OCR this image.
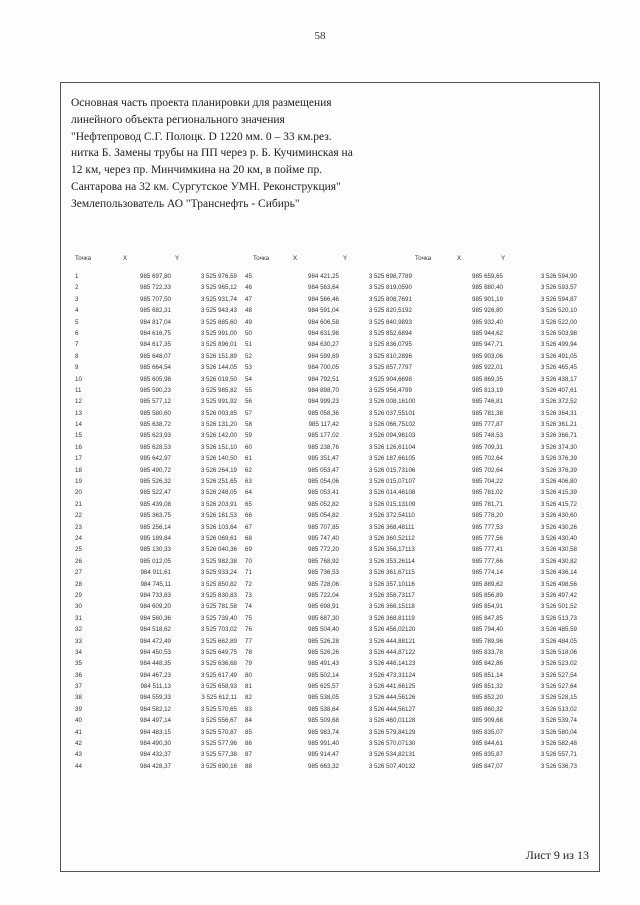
58
Основная часть проекта планировки для размещения
линейного объекта регионального значения
"Нефтепровод С.Г. Полоцк. D 1220 мм. 0 – 33 км.рез.
нитка Б. Замены трубы на ПП через р. Б. Кучиминская на
12 км, через пр. Минчимкина на 20 км, в пойме пр.
Сантарова на 32 км. Сургутское УМН. Реконструкция"
Землепользователь АО "Транснефть - Сибирь"
Точка	X	Y	Точка	X	Y	Точка	X	Y
1	985 697,80	3 525 976,59 45	984 421,25	3 525 698,77 89	985 659,65	3 526 594,90
2	985 722,33	3 525 965,12 46	984 563,64	3 525 819,05 90	985 880,40	3 526 593,57
3	985 707,50	3 525 931,74 47	984 566,46	3 525 808,76 91	985 901,19	3 526 594,87
4	985 682,31	3 525 943,43 48	984 591,04	3 525 820,51 92	985 926,80	3 526 520,10
5	984 817,04	3 525 885,60 49	984 606,58	3 525 840,98 93	985 932,40	3 526 522,00
6	984 616,75	3 525 991,00 50	984 631,98	3 525 852,68 94	985 944,62	3 526 503,98
7	984 617,35	3 525 896,01 51	984 630,27	3 525 836,07 95	985 947,71	3 526 499,94
8	985 648,07	3 526 151,89 52	984 599,69	3 525 810,28 96	985 903,06	3 526 491,05
9	985 664,54	3 526 144,05 53	984 700,05	3 525 857,77 97	985 922,01	3 526 465,45
10	985 605,98	3 526 019,50 54	984 792,51	3 525 904,66 98	985 869,35	3 526 438,17
11	985 590,23	3 525 985,82 55	984 898,70	3 525 956,47 99	985 813,19	3 526 407,61
12	985 577,12	3 525 991,92 56	984 999,23	3 526 008,16 100	985 746,81	3 526 372,52
13	985 580,60	3 526 003,85 57	985 058,36	3 526 037,55 101	985 781,38	3 526 364,31
14	985 638,72	3 526 131,20 58	985 117,42	3 526 066,75 102	985 777,87	3 526 361,21
15	985 623,93	3 526 142,00 59	985 177,02	3 526 094,96 103	985 748,53	3 526 366,71
16	985 628,53	3 526 151,10 60	985 238,76	3 526 126,61 104	985 709,31	3 526 374,30
17	985 642,97	3 526 140,50 61	985 351,47	3 526 187,66 105	985 702,64	3 526 376,39
18	985 490,72	3 526 264,19 62	985 053,47	3 526 015,73 106	985 702,64	3 526 376,39
19	985 526,32	3 526 251,65 63	985 054,06	3 526 015,07 107	985 704,22	3 526 406,80
20	985 522,47	3 526 248,05 64	985 053,41	3 526 014,46 108	985 781,02	3 526 415,39
21	985 439,08	3 526 203,91 65	985 052,82	3 526 015,13 109	985 781,71	3 526 415,72
22	985 363,75	3 526 161,53 66	985 054,82	3 526 372,54 110	985 778,20	3 526 430,60
23	985 256,14	3 526 103,64 67	985 707,85	3 526 368,48 111	985 777,53	3 526 430,26
24	985 189,84	3 526 069,61 68	985 747,40	3 526 360,52 112	985 777,56	3 526 430,40
25	985 130,33	3 526 040,36 69	985 772,20	3 526 356,17 113	985 777,41	3 526 430,58
26	985 012,05	3 525 982,38 70	985 768,92	3 526 353,26 114	985 777,66	3 526 430,82
27	984 911,61	3 525 933,24 71	985 736,53	3 526 361,67 115	985 774,14	3 526 436,14
28	984 745,11	3 525 850,82 72	985 728,06	3 526 357,10 116	985 889,62	3 526 498,56
29	984 733,83	3 525 830,83 73	985 722,04	3 526 358,73 117	985 856,89	3 526 497,42
30	984 609,20	3 525 781,58 74	985 698,91	3 526 366,15 118	985 854,91	3 526 501,52
31	984 560,36	3 525 739,40 75	985 687,30	3 526 368,81 119	985 847,85	3 526 513,73
32	984 518,62	3 525 703,02 76	985 504,40	3 526 456,02 120	985 794,40	3 526 485,59
33	984 472,49	3 525 662,89 77	985 526,28	3 526 444,88 121	985 789,96	3 526 484,05
34	984 450,53	3 525 649,75 78	985 526,26	3 526 444,87 122	985 833,78	3 526 518,06
35	984 448,35	3 525 636,68 79	985 491,43	3 526 446,14 123	985 842,86	3 526 523,02
36	984 467,23	3 525 617,49 80	985 502,14	3 526 473,31 124	985 851,14	3 526 527,54
37	984 511,13	3 525 658,93 81	985 625,57	3 526 441,66 125	985 851,32	3 526 527,64
38	984 559,33	3 525 612,11 82	985 538,05	3 526 444,56 126	985 852,20	3 526 528,15
39	984 582,12	3 525 570,65 83	985 538,64	3 526 444,56 127	985 860,32	3 526 513,02
40	984 497,14	3 525 556,67 84	985 509,68	3 526 460,01 128	985 909,68	3 526 539,74
41	984 483,15	3 525 570,87 85	985 983,74	3 526 579,84 129	985 835,07	3 526 580,04
42	984 490,30	3 525 577,96 86	985 991,40	3 526 570,07 130	985 844,61	3 526 582,48
43	984 432,37	3 525 577,38 87	985 914,47	3 526 534,82 131	985 835,87	3 526 557,71
44	984 428,37	3 525 690,16 88	985 663,32	3 526 507,40 132	985 847,07	3 526 536,73
Лист 9 из 13
